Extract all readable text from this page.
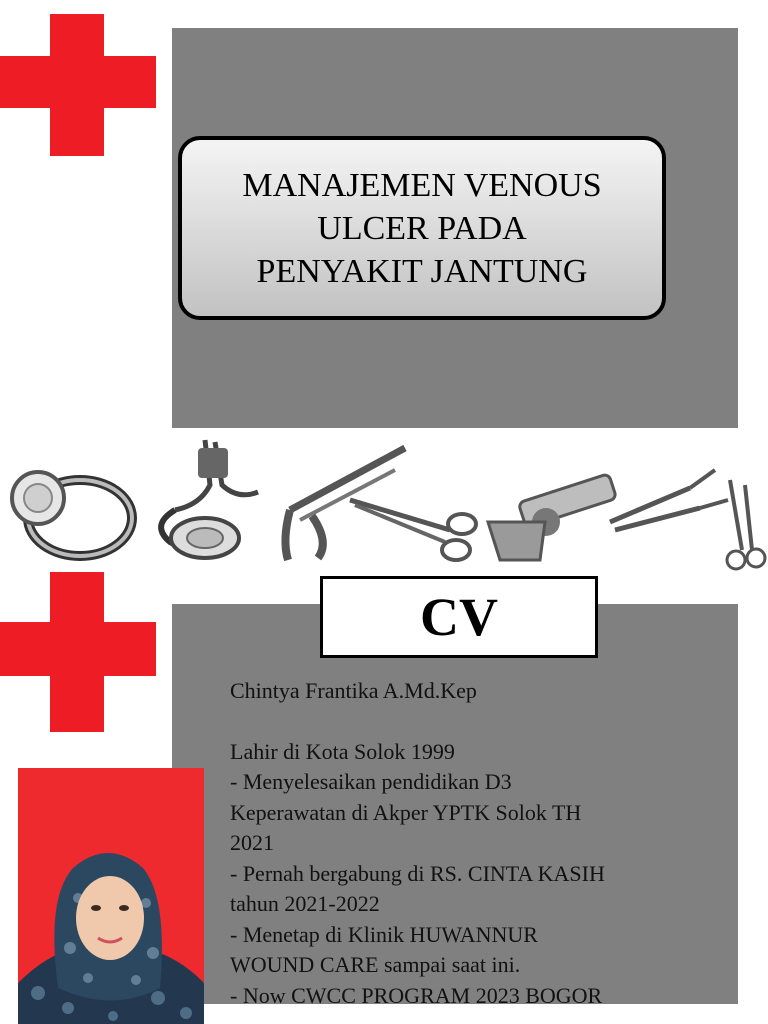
MANAJEMEN VENOUS
ULCER PADA
PENYAKIT JANTUNG
CV
Chintya Frantika A.Md.Kep
Lahir di Kota Solok 1999
- Menyelesaikan pendidikan D3
Keperawatan di Akper YPTK Solok TH
2021
- Pernah bergabung di RS. CINTA KASIH
tahun 2021-2022
- Menetap di Klinik HUWANNUR
WOUND CARE sampai saat ini.
- Now CWCC PROGRAM 2023 BOGOR
